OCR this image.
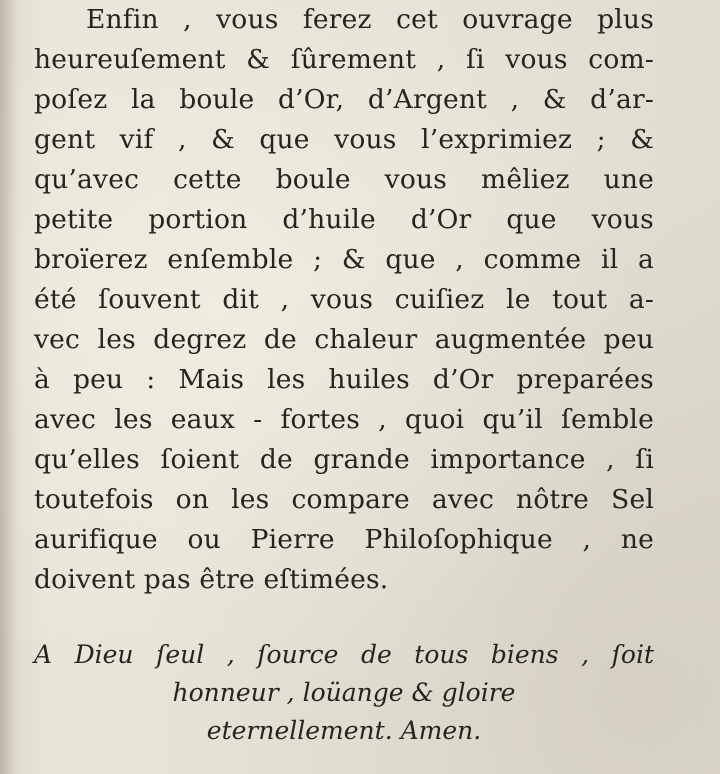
Enfin , vous ferez cet ouvrage plus
heureuſement & ſûrement , ſi vous com-
poſez la boule d’Or, d’Argent , & d’ar-
gent vif , & que vous l’exprimiez ; &
qu’avec cette boule vous mêliez une
petite portion d’huile d’Or que vous
broïerez enſemble ; & que , comme il a
été ſouvent dit , vous cuiſiez le tout a-
vec les degrez de chaleur augmentée peu
à peu : Mais les huiles d’Or preparées
avec les eaux - fortes , quoi qu’il ſemble
qu’elles ſoient de grande importance , ſi
toutefois on les compare avec nôtre Sel
aurifique ou Pierre Philoſophique , ne
doivent pas être eſtimées.
A Dieu ſeul , ſource de tous biens , ſoit
honneur , loüange & gloire
eternellement. Amen.
